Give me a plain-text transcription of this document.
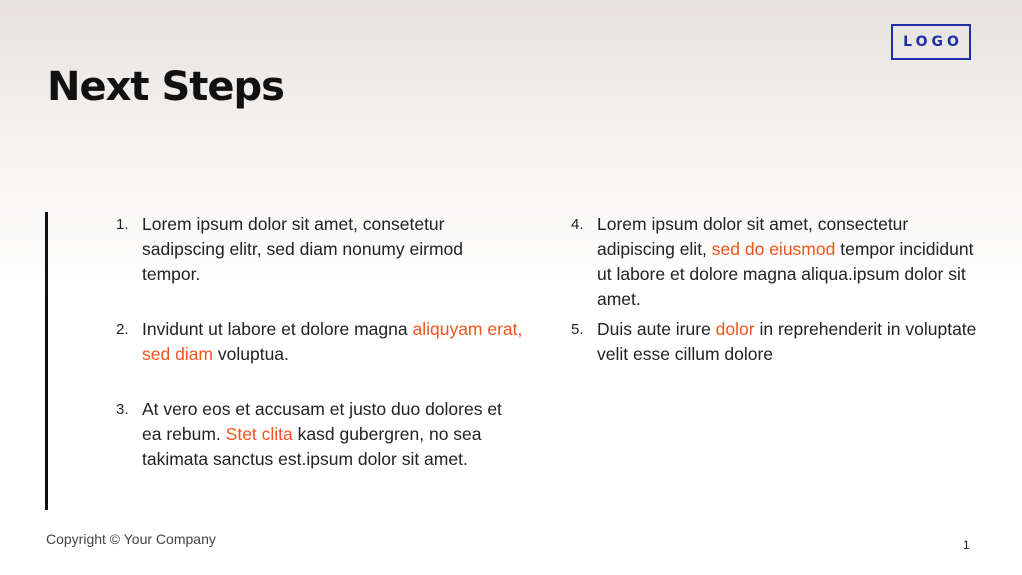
LOGO
Next Steps
1. Lorem ipsum dolor sit amet, consetetur sadipscing elitr, sed diam nonumy eirmod tempor.
2. Invidunt ut labore et dolore magna aliquyam erat, sed diam voluptua.
3. At vero eos et accusam et justo duo dolores et ea rebum. Stet clita kasd gubergren, no sea takimata sanctus est.ipsum dolor sit amet.
4. Lorem ipsum dolor sit amet, consectetur adipiscing elit, sed do eiusmod tempor incididunt ut labore et dolore magna aliqua.ipsum dolor sit amet.
5. Duis aute irure dolor in reprehenderit in voluptate velit esse cillum dolore
Copyright © Your Company	1
